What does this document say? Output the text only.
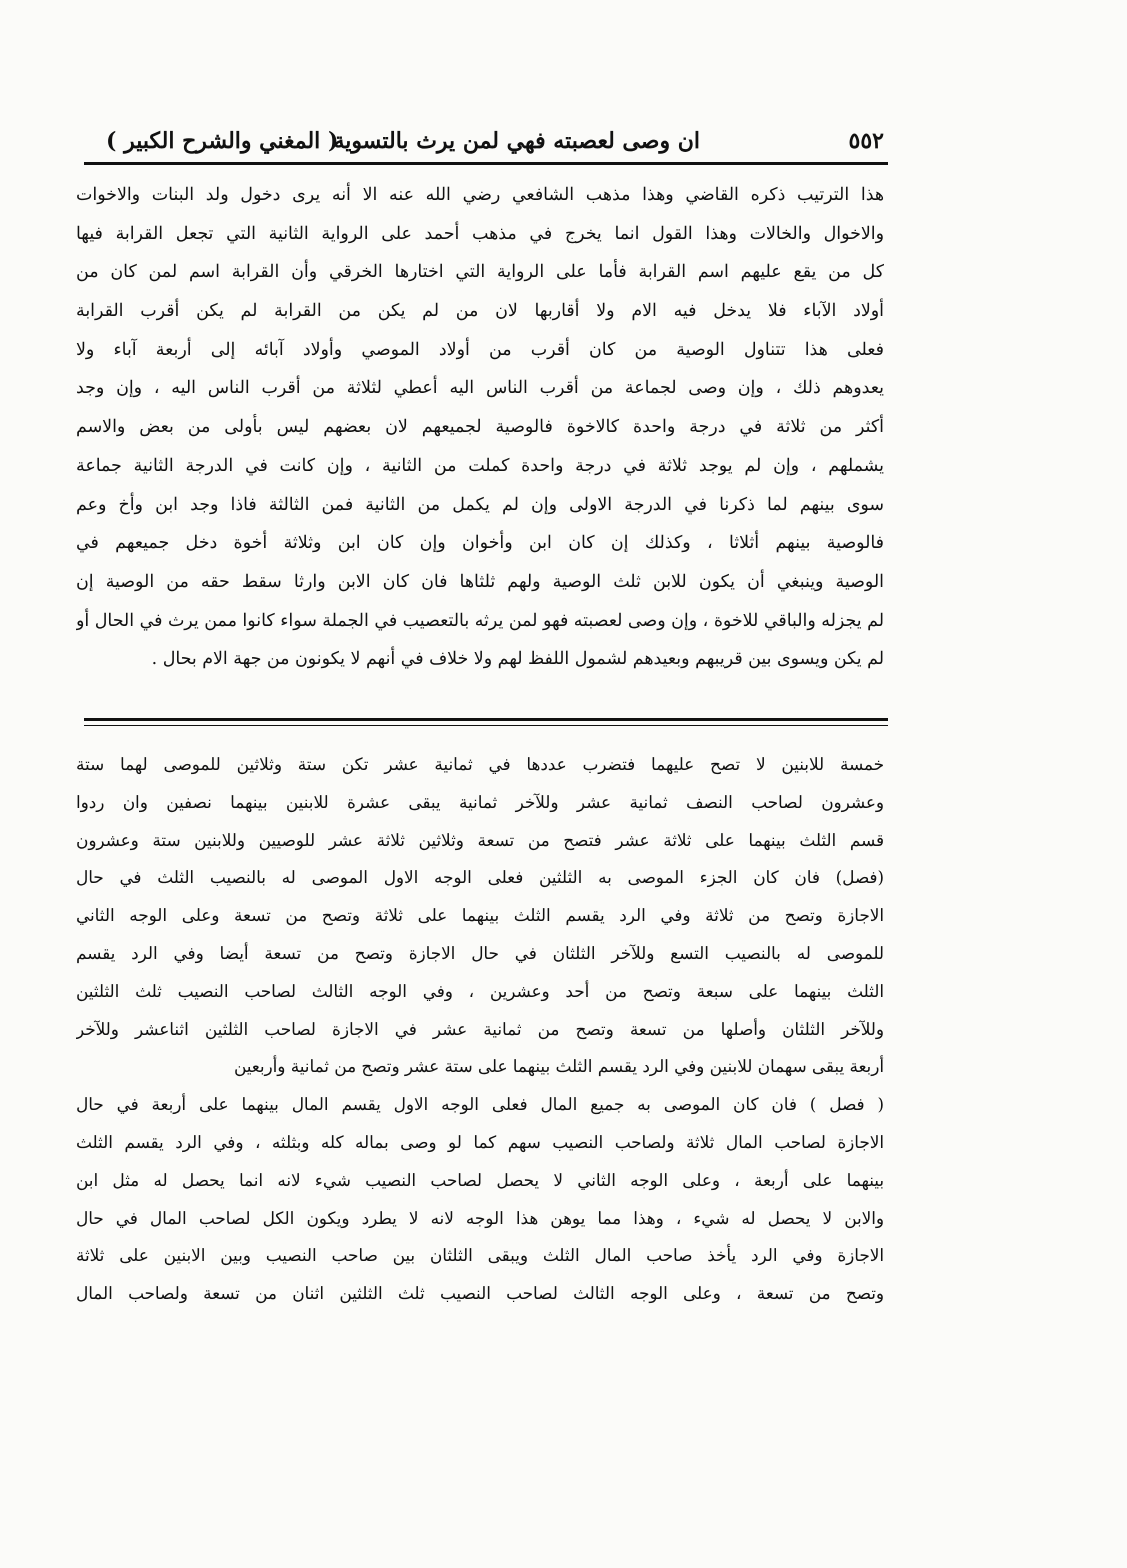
٥٥٢
ان وصى لعصبته فهي لمن يرث بالتسوية
( المغني والشرح الكبير )

هذا الترتيب ذكره القاضي وهذا مذهب الشافعي رضي الله عنه الا أنه يرى دخول ولد البنات والاخوات

والاخوال والخالات وهذا القول انما يخرج في مذهب أحمد على الرواية الثانية التي تجعل القرابة فيها

كل من يقع عليهم اسم القرابة فأما على الرواية التي اختارها الخرقي وأن القرابة اسم لمن كان من

أولاد الآباء فلا يدخل فيه الام ولا أقاربها لان من لم يكن من القرابة لم يكن أقرب القرابة

فعلى هذا تتناول الوصية من كان أقرب من أولاد الموصي وأولاد آبائه إلى أربعة آباء ولا

يعدوهم ذلك ، وإن وصى لجماعة من أقرب الناس اليه أعطي لثلاثة من أقرب الناس اليه ، وإن وجد

أكثر من ثلاثة في درجة واحدة كالاخوة فالوصية لجميعهم لان بعضهم ليس بأولى من بعض والاسم

يشملهم ، وإن لم يوجد ثلاثة في درجة واحدة كملت من الثانية ، وإن كانت في الدرجة الثانية جماعة

سوى بينهم لما ذكرنا في الدرجة الاولى وإن لم يكمل من الثانية فمن الثالثة فاذا وجد ابن وأخ وعم

فالوصية بينهم أثلاثا ، وكذلك إن كان ابن وأخوان وإن كان ابن وثلاثة أخوة دخل جميعهم في

الوصية وينبغي أن يكون للابن ثلث الوصية ولهم ثلثاها فان كان الابن وارثا سقط حقه من الوصية إن

لم يجزله والباقي للاخوة ، وإن وصى لعصبته فهو لمن يرثه بالتعصيب في الجملة سواء كانوا ممن يرث في الحال أو

لم يكن ويسوى بين قريبهم وبعيدهم لشمول اللفظ لهم ولا خلاف في أنهم لا يكونون من جهة الام بحال .

خمسة للابنين لا تصح عليهما فتضرب عددها في ثمانية عشر تكن ستة وثلاثين للموصى لهما ستة

وعشرون لصاحب النصف ثمانية عشر وللآخر ثمانية يبقى عشرة للابنين بينهما نصفين وان ردوا

قسم الثلث بينهما على ثلاثة عشر فتصح من تسعة وثلاثين ثلاثة عشر للوصيين وللابنين ستة وعشرون

(فصل) فان كان الجزء الموصى به الثلثين فعلى الوجه الاول الموصى له بالنصيب الثلث في حال

الاجازة وتصح من ثلاثة وفي الرد يقسم الثلث بينهما على ثلاثة وتصح من تسعة وعلى الوجه الثاني

للموصى له بالنصيب التسع وللآخر الثلثان في حال الاجازة وتصح من تسعة أيضا وفي الرد يقسم

الثلث بينهما على سبعة وتصح من أحد وعشرين ، وفي الوجه الثالث لصاحب النصيب ثلث الثلثين

وللآخر الثلثان وأصلها من تسعة وتصح من ثمانية عشر في الاجازة لصاحب الثلثين اثناعشر وللآخر

أربعة يبقى سهمان للابنين وفي الرد يقسم الثلث بينهما على ستة عشر وتصح من ثمانية وأربعين

( فصل ) فان كان الموصى به جميع المال فعلى الوجه الاول يقسم المال بينهما على أربعة في حال

الاجازة لصاحب المال ثلاثة ولصاحب النصيب سهم كما لو وصى بماله كله وبثلثه ، وفي الرد يقسم الثلث

بينهما على أربعة ، وعلى الوجه الثاني لا يحصل لصاحب النصيب شيء لانه انما يحصل له مثل ابن

والابن لا يحصل له شيء ، وهذا مما يوهن هذا الوجه لانه لا يطرد ويكون الكل لصاحب المال في حال

الاجازة وفي الرد يأخذ صاحب المال الثلث ويبقى الثلثان بين صاحب النصيب وبين الابنين على ثلاثة

وتصح من تسعة ، وعلى الوجه الثالث لصاحب النصيب ثلث الثلثين اثنان من تسعة ولصاحب المال
